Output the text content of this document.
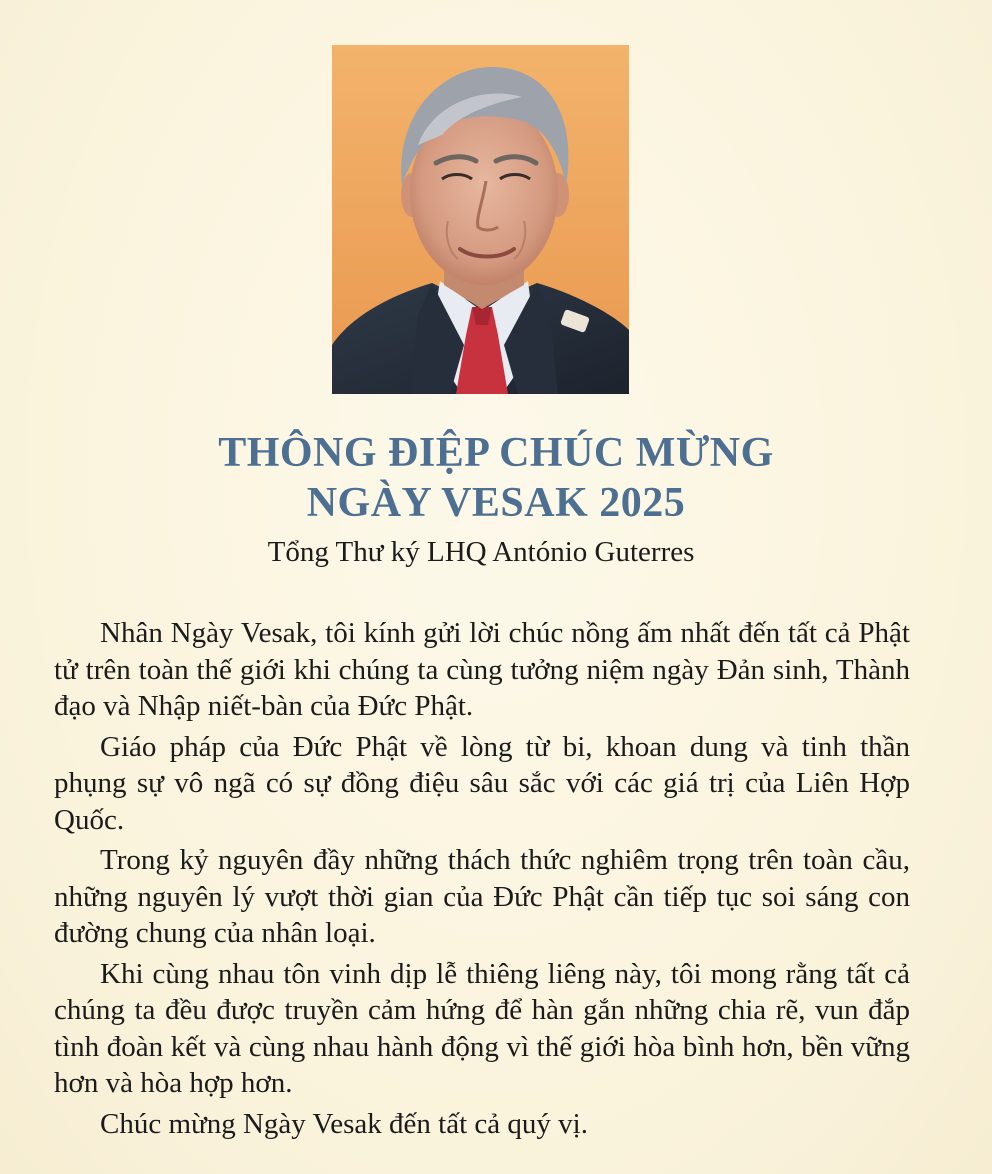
THÔNG ĐIỆP CHÚC MỪNG
NGÀY VESAK 2025
Tổng Thư ký LHQ António Guterres

Nhân Ngày Vesak, tôi kính gửi lời chúc nồng ấm nhất đến tất cả Phật tử trên toàn thế giới khi chúng ta cùng tưởng niệm ngày Đản sinh, Thành đạo và Nhập niết-bàn của Đức Phật.

Giáo pháp của Đức Phật về lòng từ bi, khoan dung và tinh thần phụng sự vô ngã có sự đồng điệu sâu sắc với các giá trị của Liên Hợp Quốc.

Trong kỷ nguyên đầy những thách thức nghiêm trọng trên toàn cầu, những nguyên lý vượt thời gian của Đức Phật cần tiếp tục soi sáng con đường chung của nhân loại.

Khi cùng nhau tôn vinh dịp lễ thiêng liêng này, tôi mong rằng tất cả chúng ta đều được truyền cảm hứng để hàn gắn những chia rẽ, vun đắp tình đoàn kết và cùng nhau hành động vì thế giới hòa bình hơn, bền vững hơn và hòa hợp hơn.

Chúc mừng Ngày Vesak đến tất cả quý vị.
